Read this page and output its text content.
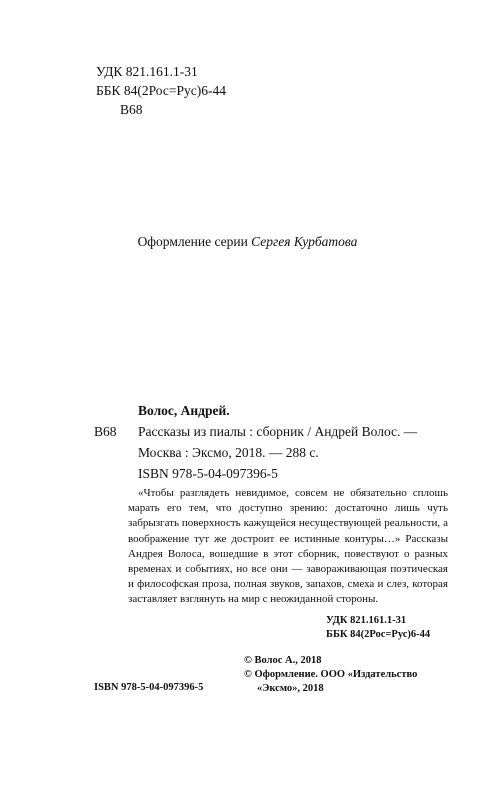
УДК 821.161.1-31
ББК 84(2Рос=Рус)6-44
В68
Оформление серии Сергея Курбатова
Волос, Андрей.
В68	Рассказы из пиалы : сборник / Андрей Волос. —
Москва : Эксмо, 2018. — 288 с.
ISBN 978-5-04-097396-5
«Чтобы разглядеть невидимое, совсем не обязательно сплошь марать его тем, что доступно зрению: достаточно лишь чуть забрызгать поверхность кажущейся несуществующей реальности, а воображение тут же достроит ее истинные контуры…» Рассказы Андрея Волоса, вошедшие в этот сборник, повествуют о разных временах и событиях, но все они — завораживающая поэтическая и философская проза, полная звуков, запахов, смеха и слез, которая заставляет взглянуть на мир с неожиданной стороны.
УДК 821.161.1-31
ББК 84(2Рос=Рус)6-44
© Волос А., 2018
© Оформление. ООО «Издательство
«Эксмо», 2018
ISBN 978-5-04-097396-5
